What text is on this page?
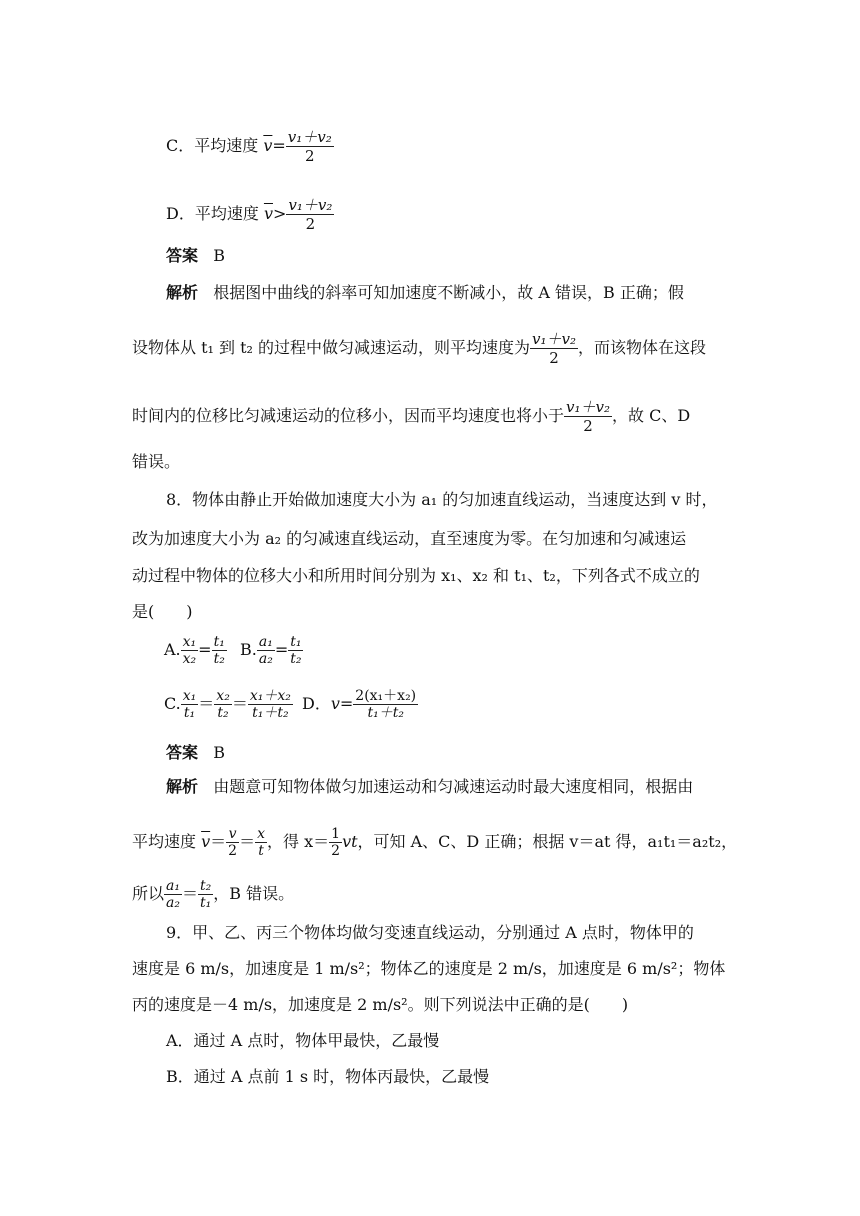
C．平均速度 $\overline{v}= \frac{\text{v₁＋v₂}}{2}$
D．平均速度 $\overline{v}> \frac{\text{v₁＋v₂}}{2}$
答案 B
解析 根据图中曲线的斜率可知加速度不断减小，故 A 错误，B 正确；假
设物体从 t₁ 到 t₂ 的过程中做匀减速运动，则平均速度为 $\frac{\text{v₁＋v₂}}{2}$ ，而该物体在这段
时间内的位移比匀减速运动的位移小，因而平均速度也将小于 $\frac{\text{v₁＋v₂}}{2}$ ，故 C、D
错误。
8．物体由静止开始做加速度大小为 a₁ 的匀加速直线运动，当速度达到 v 时，
改为加速度大小为 a₂ 的匀减速直线运动，直至速度为零。在匀加速和匀减速运
动过程中物体的位移大小和所用时间分别为 x₁、x₂ 和 t₁、t₂，下列各式不成立的
是(　　)
A. $\frac{\text{x₁}}{\text{x₂}} = \frac{\text{t₁}}{\text{t₂}} B$. $\frac{\text{a₁}}{\text{a₂}} = \frac{\text{t₁}}{\text{t₂}}$
C. $\frac{\text{x₁}}{\text{t₁}} = \frac{\text{x₂}}{\text{t₂}} = \frac{\text{x₁＋x₂}}{\text{t₁＋t₂}}$ D．$v= \frac{\text{2(x₁＋x₂)}}{\text{t₁＋t₂}}$
答案 B
解析 由题意可知物体做匀加速运动和匀减速运动时最大速度相同，根据由
平均速度 $\overline{v}= \frac{v}{2} = \frac{x}{t}$ ，得 $x= \frac{1}{2}$ vt，可知 A、C、D 正确；根据 v＝at 得，a₁t₁＝a₂t₂，
所以 $\frac{\text{a₁}}{\text{a₂}} = \frac{\text{t₂}}{\text{t₁}}$ ，B 错误。
9．甲、乙、丙三个物体均做匀变速直线运动，分别通过 A 点时，物体甲的
速度是 6 m/s，加速度是 1 m/s²；物体乙的速度是 2 m/s，加速度是 6 m/s²；物体
丙的速度是－4 m/s，加速度是 2 m/s²。则下列说法中正确的是(　　)
A．通过 A 点时，物体甲最快，乙最慢
B．通过 A 点前 1 s 时，物体丙最快，乙最慢
